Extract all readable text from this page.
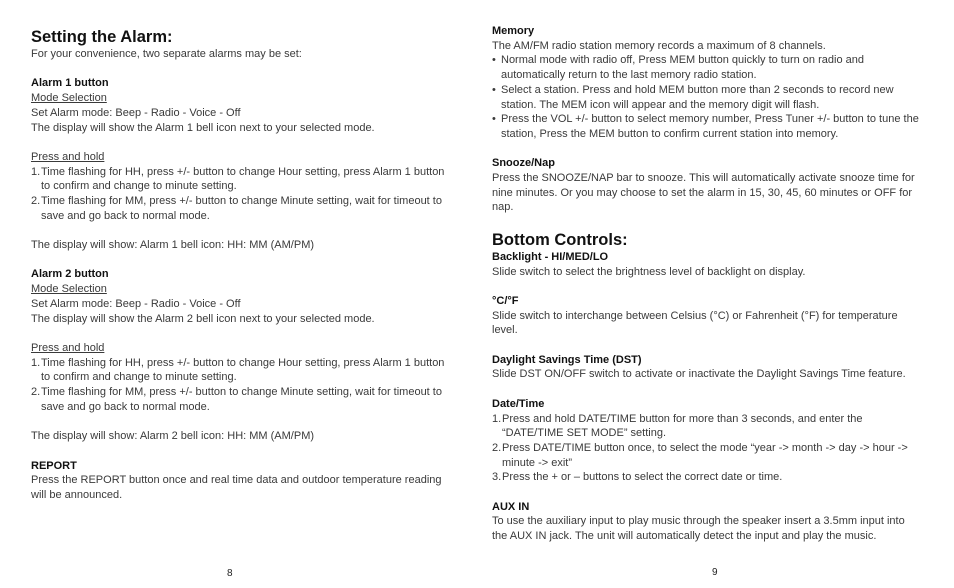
Setting the Alarm:

For your convenience, two separate alarms may be set:

Alarm 1 button

Mode Selection

Set Alarm mode: Beep - Radio - Voice - Off

The display will show the Alarm 1 bell icon next to your selected mode.

Press and hold

1. Time flashing for HH, press +/- button to change Hour setting, press Alarm 1 button to confirm and change to minute setting.
2. Time flashing for MM, press +/- button to change Minute setting, wait for timeout to save and go back to normal mode.

The display will show: Alarm 1 bell icon: HH: MM (AM/PM)

Alarm 2 button

Mode Selection

Set Alarm mode: Beep - Radio - Voice - Off

The display will show the Alarm 2 bell icon next to your selected mode.

Press and hold

1. Time flashing for HH, press +/- button to change Hour setting, press Alarm 1 button to confirm and change to minute setting.
2. Time flashing for MM, press +/- button to change Minute setting, wait for timeout to save and go back to normal mode.

The display will show: Alarm 2 bell icon: HH: MM (AM/PM)

REPORT

Press the REPORT button once and real time data and outdoor temperature reading will be announced.

8

Memory

The AM/FM radio station memory records a maximum of 8 channels.

• Normal mode with radio off, Press MEM button quickly to turn on radio and automatically return to the last memory radio station.
• Select a station. Press and hold MEM button more than 2 seconds to record new station. The MEM icon will appear and the memory digit will flash.
• Press the VOL +/- button to select memory number, Press Tuner +/- button to tune the station, Press the MEM button to confirm current station into memory.

Snooze/Nap

Press the SNOOZE/NAP bar to snooze. This will automatically activate snooze time for nine minutes. Or you may choose to set the alarm in 15, 30, 45, 60 minutes or OFF for nap.

Bottom Controls:

Backlight - HI/MED/LO

Slide switch to select the brightness level of backlight on display.

°C/°F

Slide switch to interchange between Celsius (°C) or Fahrenheit (°F) for temperature level.

Daylight Savings Time (DST)

Slide DST ON/OFF switch to activate or inactivate the Daylight Savings Time feature.

Date/Time

1. Press and hold DATE/TIME button for more than 3 seconds, and enter the “DATE/TIME SET MODE” setting.
2. Press DATE/TIME button once, to select the mode “year -> month -> day -> hour -> minute -> exit”
3. Press the + or – buttons to select the correct date or time.

AUX IN

To use the auxiliary input to play music through the speaker insert a 3.5mm input into the AUX IN jack. The unit will automatically detect the input and play the music.

9
